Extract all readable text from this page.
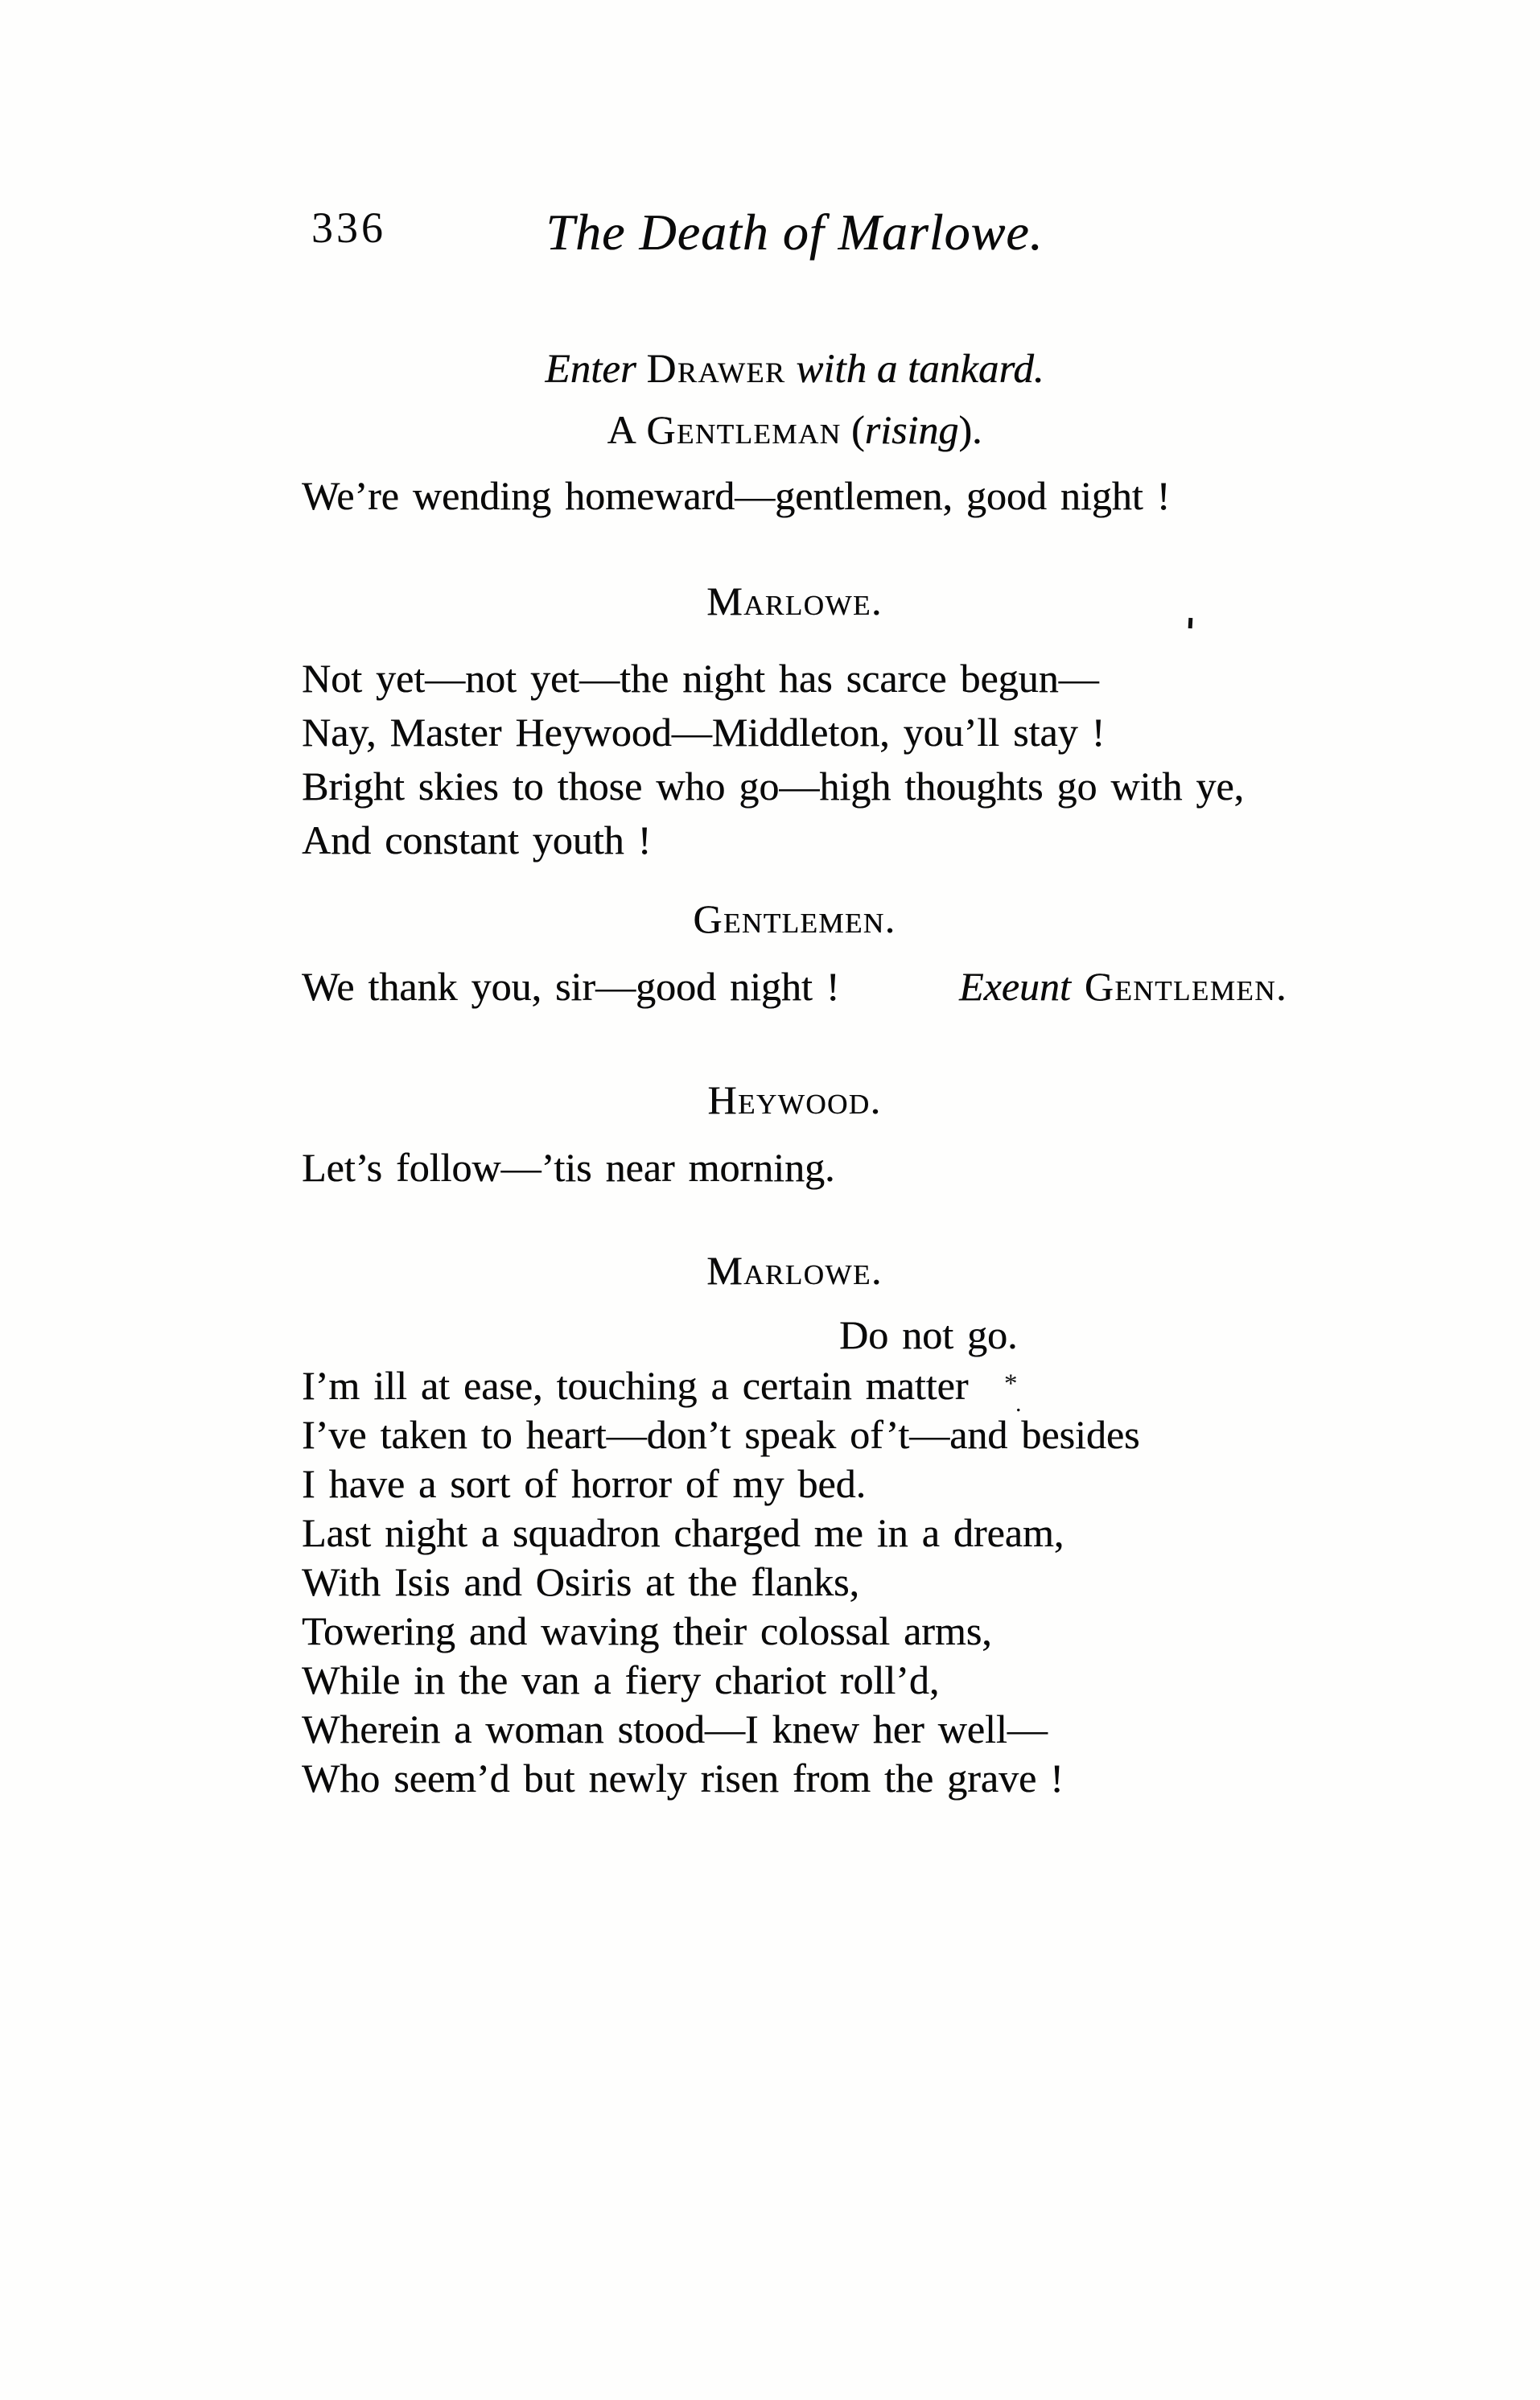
336	The Death of Marlowe.
Enter Drawer with a tankard.
A Gentleman (rising).
We’re wending homeward—gentlemen, good night !
Marlowe.
Not yet—not yet—the night has scarce begun—
Nay, Master Heywood—Middleton, you’ll stay !
Bright skies to those who go—high thoughts go with ye,
And constant youth !
Gentlemen.
We thank you, sir—good night !	Exeunt Gentlemen.
Heywood.
Let’s follow—’tis near morning.
Marlowe.
Do not go.
*
.
I’m ill at ease, touching a certain matter
I’ve taken to heart—don’t speak of’t—and besides
I have a sort of horror of my bed.
Last night a squadron charged me in a dream,
With Isis and Osiris at the flanks,
Towering and waving their colossal arms,
While in the van a fiery chariot roll’d,
Wherein a woman stood—I knew her well—
Who seem’d but newly risen from the grave !
